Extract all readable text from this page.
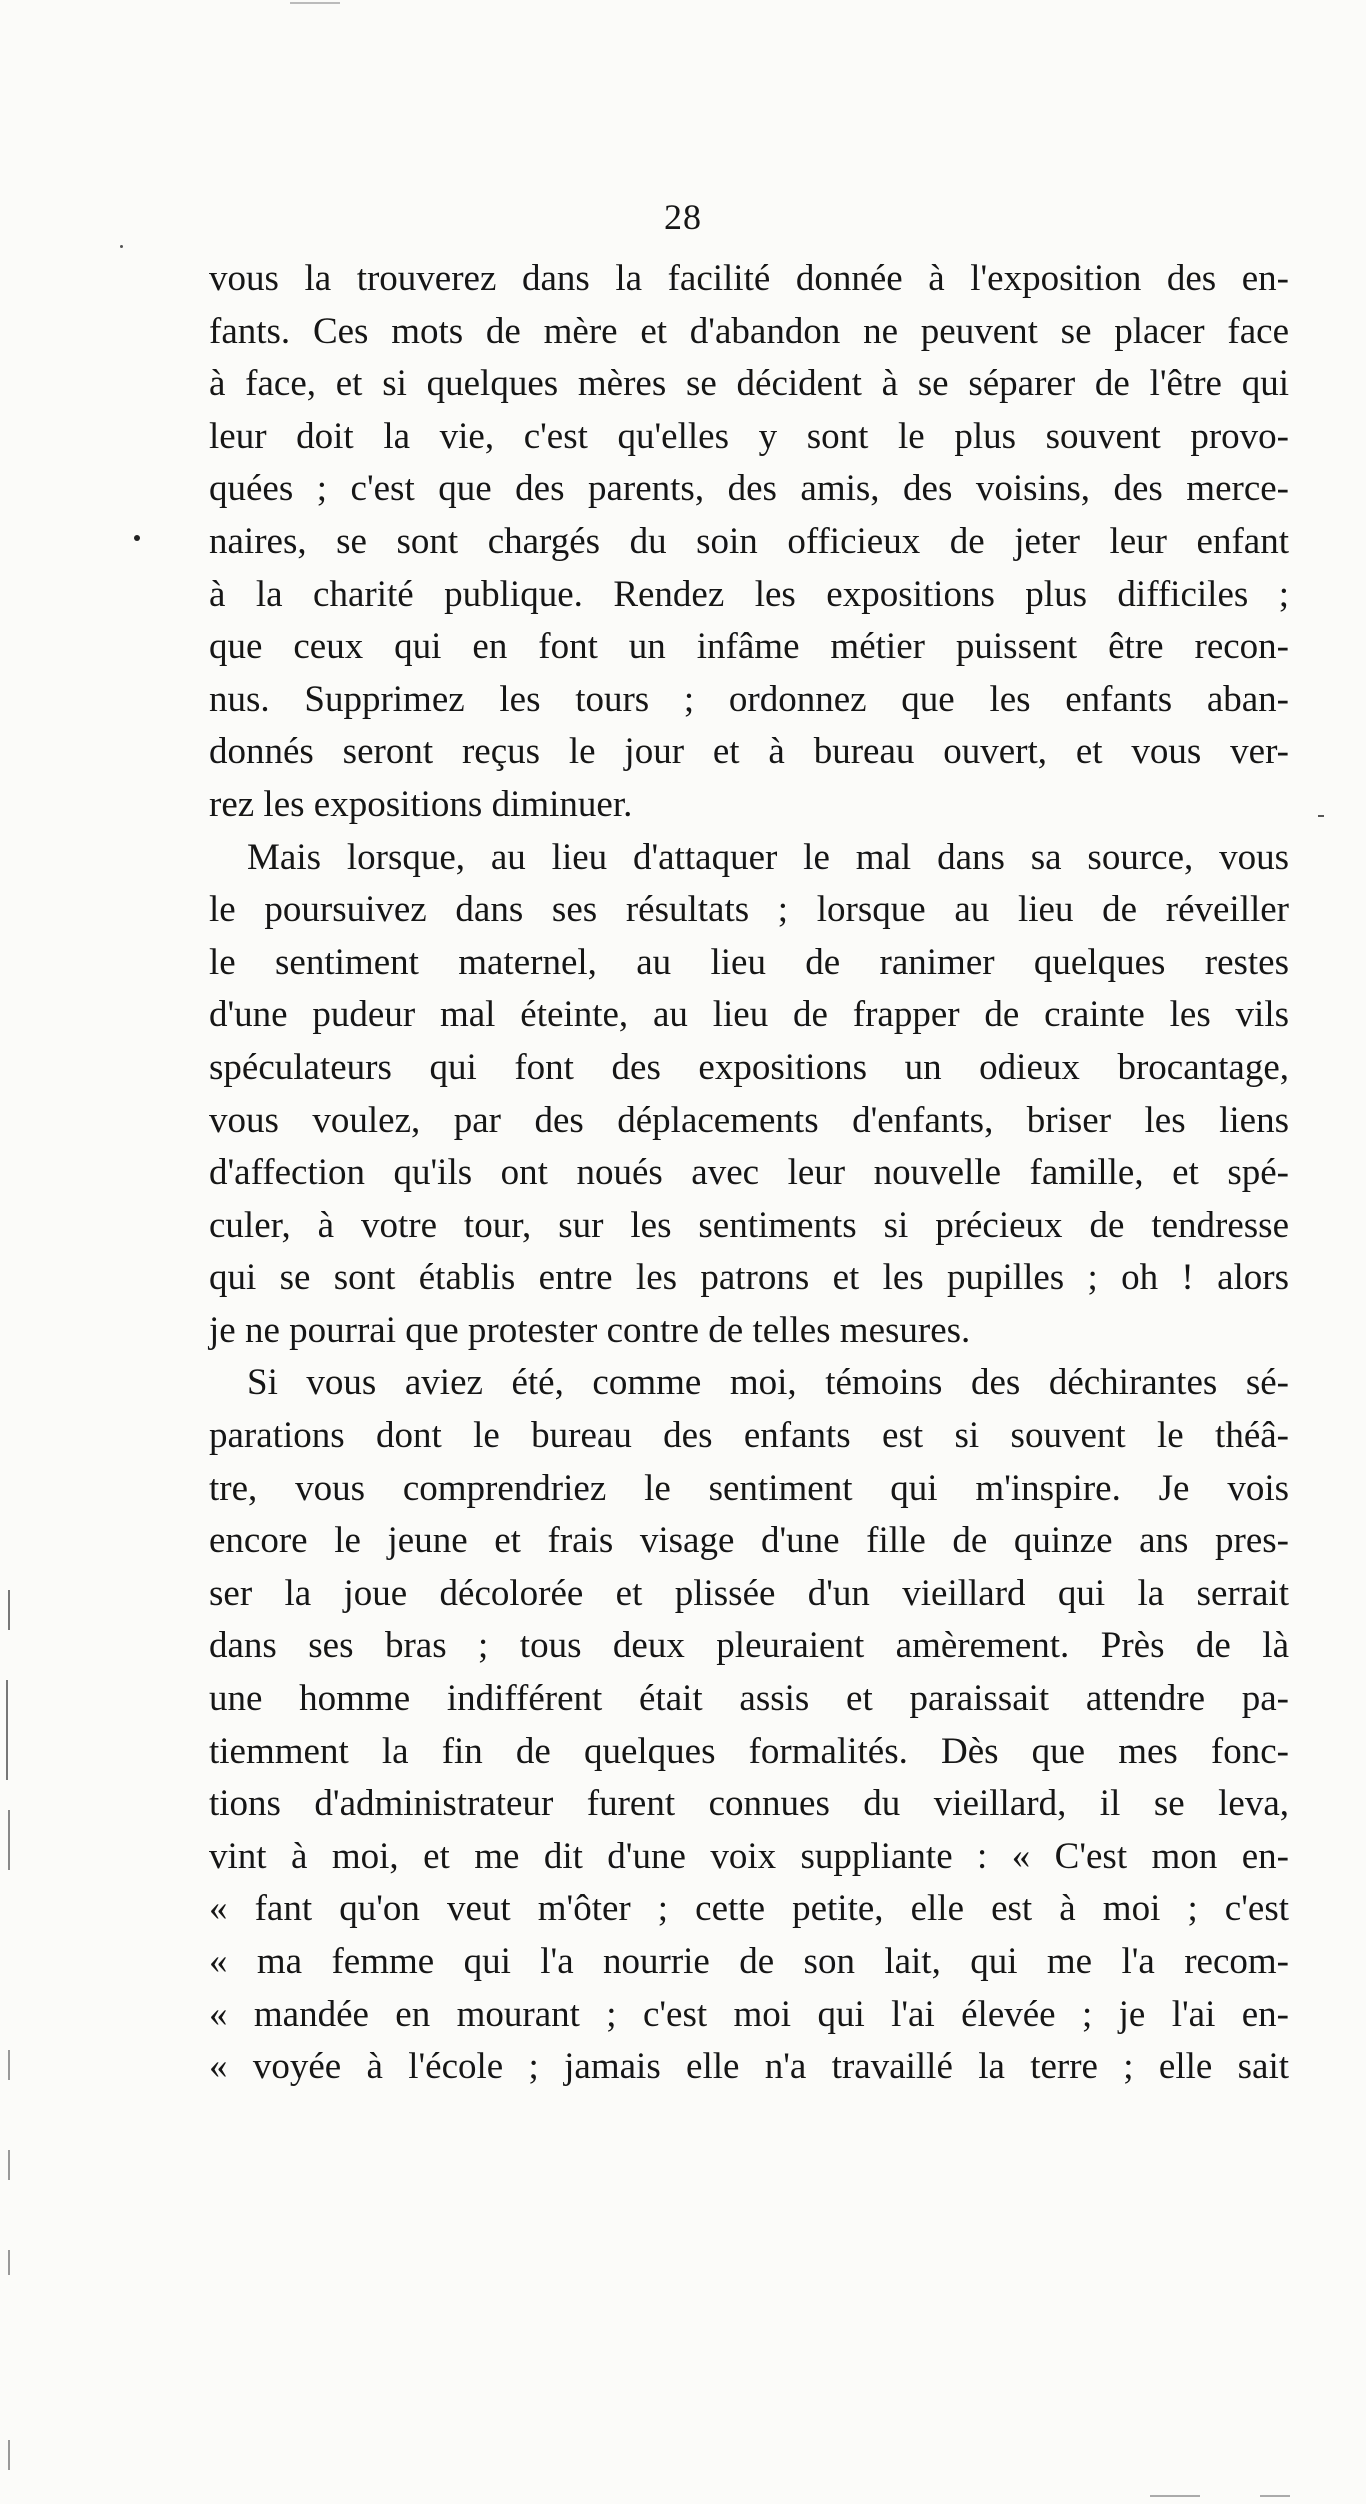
28
vous la trouverez dans la facilité donnée à l'exposition des en-
fants. Ces mots de mère et d'abandon ne peuvent se placer face
à face, et si quelques mères se décident à se séparer de l'être qui
leur doit la vie, c'est qu'elles y sont le plus souvent provo-
quées ; c'est que des parents, des amis, des voisins, des merce-
naires, se sont chargés du soin officieux de jeter leur enfant
à la charité publique. Rendez les expositions plus difficiles ;
que ceux qui en font un infâme métier puissent être recon-
nus. Supprimez les tours ; ordonnez que les enfants aban-
donnés seront reçus le jour et à bureau ouvert, et vous ver-
rez les expositions diminuer.
Mais lorsque, au lieu d'attaquer le mal dans sa source, vous
le poursuivez dans ses résultats ; lorsque au lieu de réveiller
le sentiment maternel, au lieu de ranimer quelques restes
d'une pudeur mal éteinte, au lieu de frapper de crainte les vils
spéculateurs qui font des expositions un odieux brocantage,
vous voulez, par des déplacements d'enfants, briser les liens
d'affection qu'ils ont noués avec leur nouvelle famille, et spé-
culer, à votre tour, sur les sentiments si précieux de tendresse
qui se sont établis entre les patrons et les pupilles ; oh ! alors
je ne pourrai que protester contre de telles mesures.
Si vous aviez été, comme moi, témoins des déchirantes sé-
parations dont le bureau des enfants est si souvent le théâ-
tre, vous comprendriez le sentiment qui m'inspire. Je vois
encore le jeune et frais visage d'une fille de quinze ans pres-
ser la joue décolorée et plissée d'un vieillard qui la serrait
dans ses bras ; tous deux pleuraient amèrement. Près de là
une homme indifférent était assis et paraissait attendre pa-
tiemment la fin de quelques formalités. Dès que mes fonc-
tions d'administrateur furent connues du vieillard, il se leva,
vint à moi, et me dit d'une voix suppliante : « C'est mon en-
« fant qu'on veut m'ôter ; cette petite, elle est à moi ; c'est
« ma femme qui l'a nourrie de son lait, qui me l'a recom-
« mandée en mourant ; c'est moi qui l'ai élevée ; je l'ai en-
« voyée à l'école ; jamais elle n'a travaillé la terre ; elle sait
